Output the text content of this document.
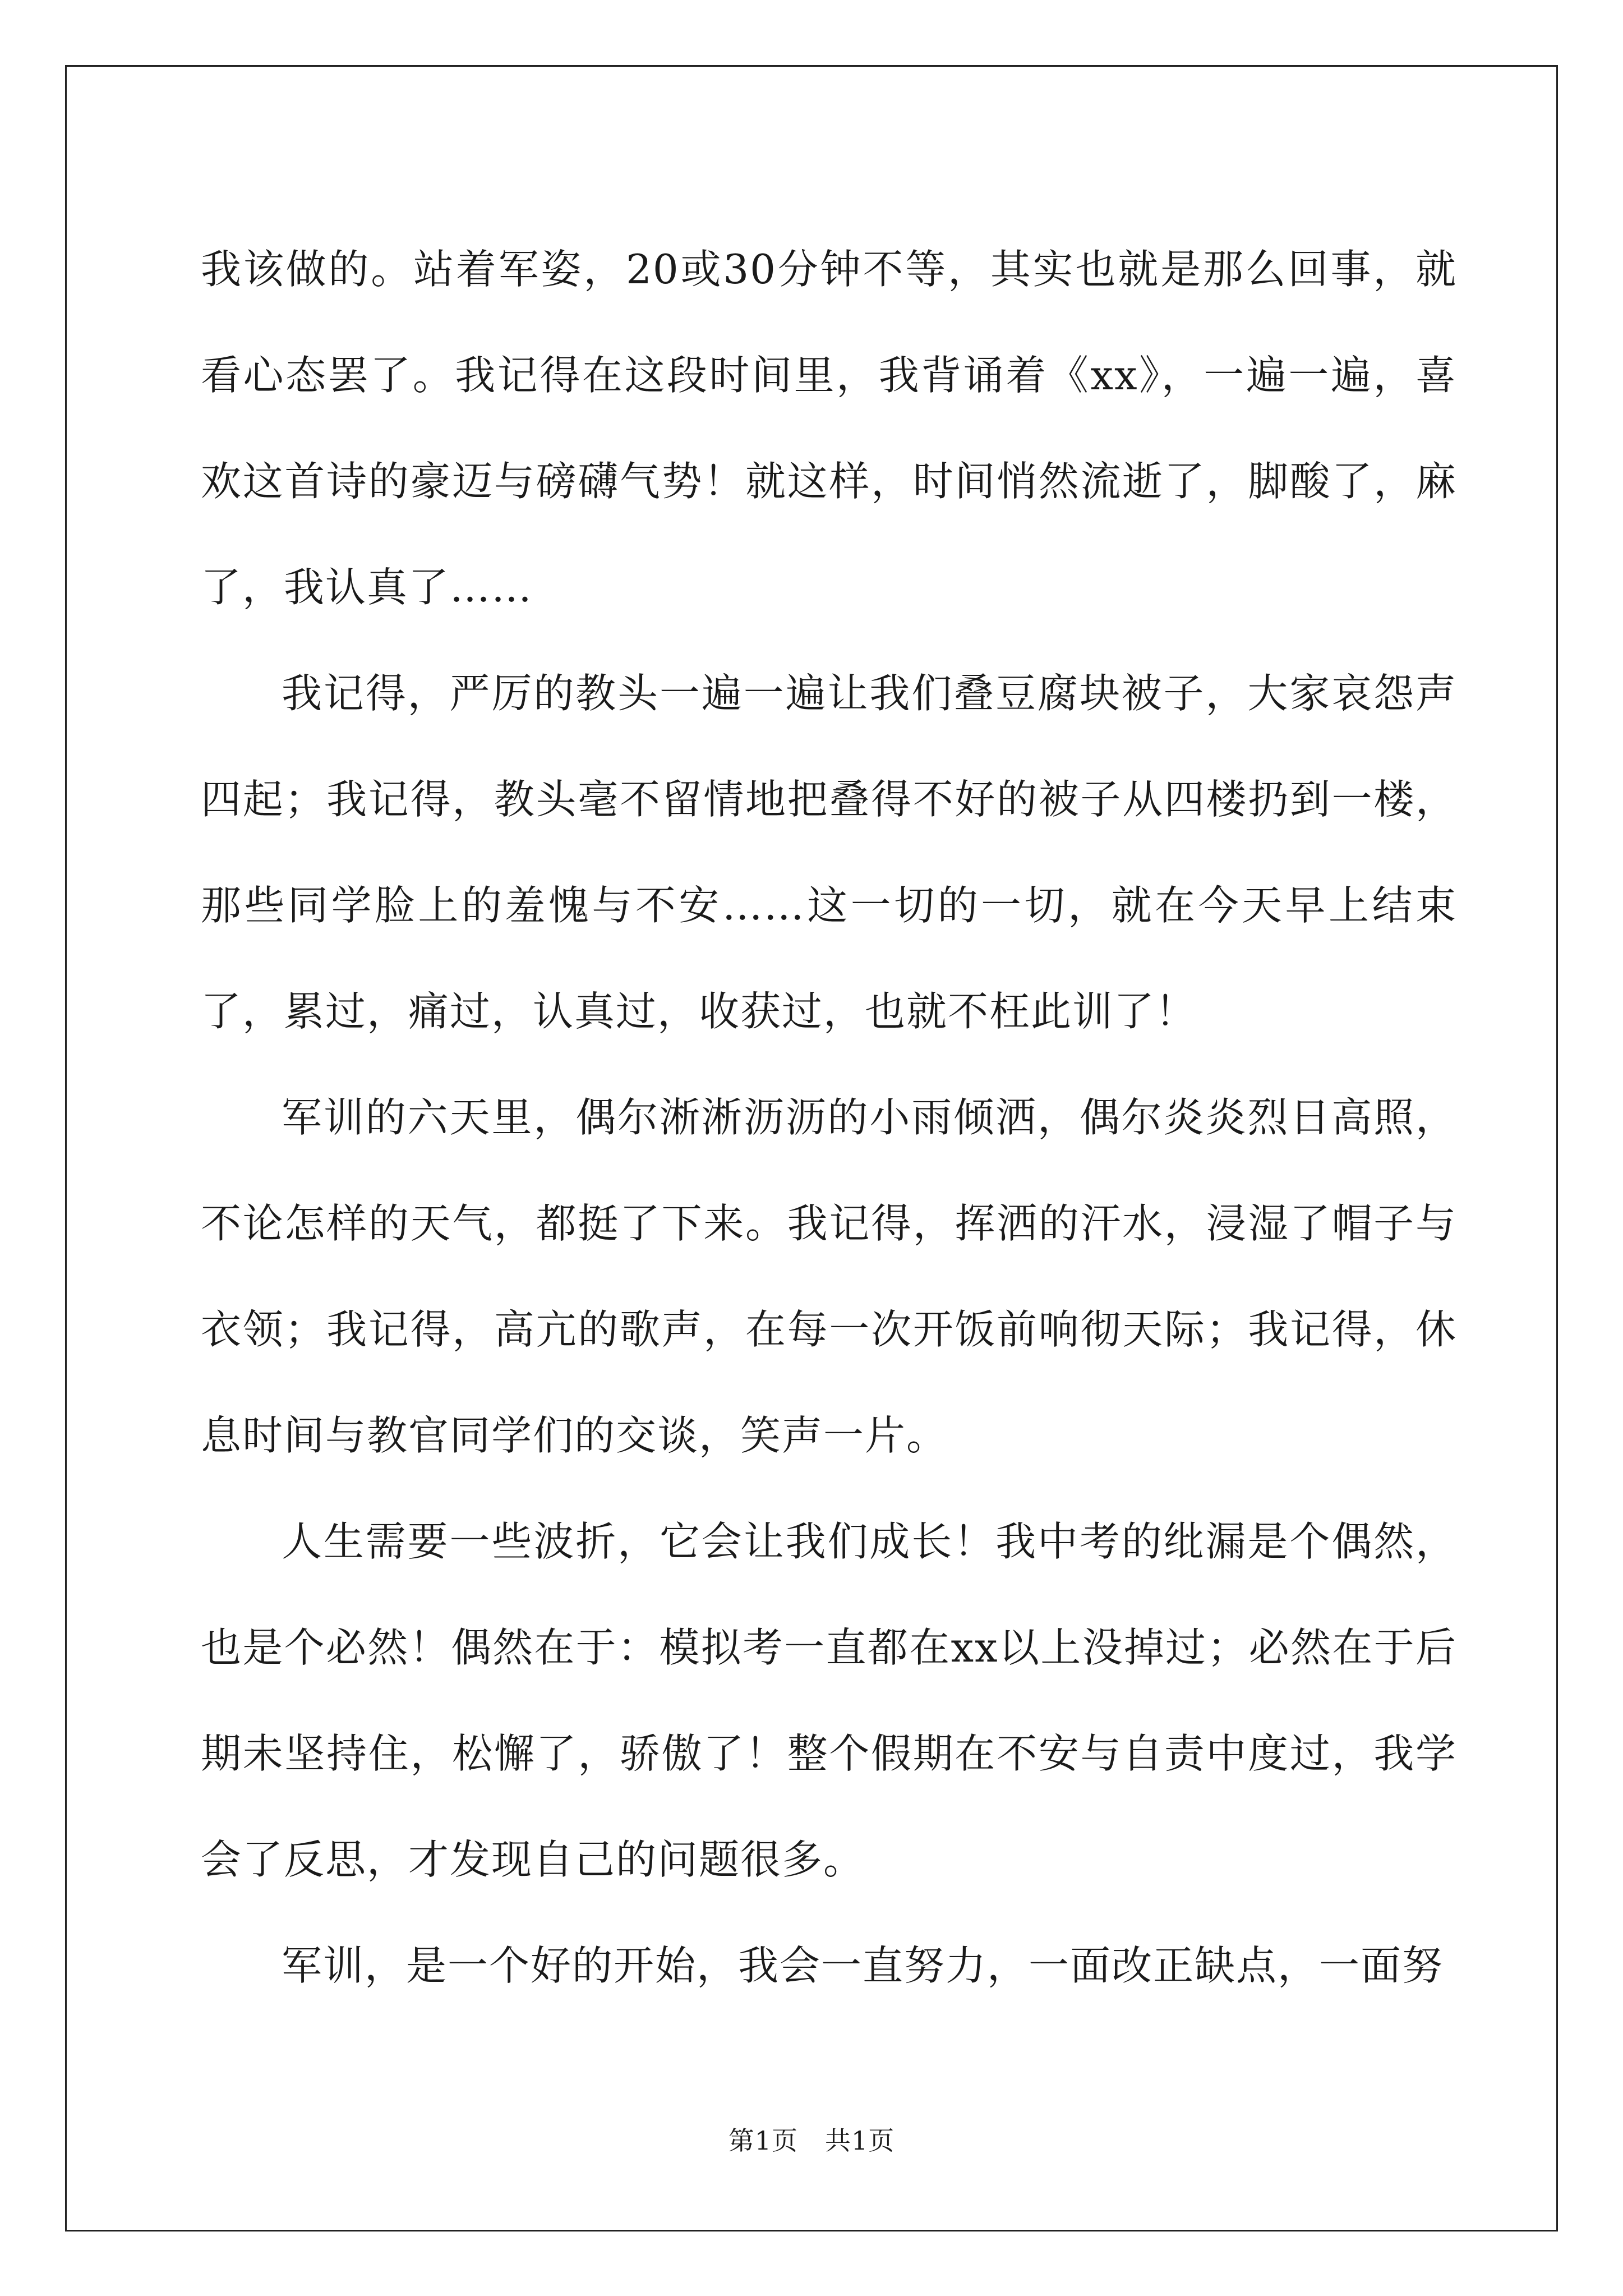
我该做的。站着军姿，20或30分钟不等，其实也就是那么回事，就看心态罢了。我记得在这段时间里，我背诵着《xx》，一遍一遍，喜欢这首诗的豪迈与磅礴气势！就这样，时间悄然流逝了，脚酸了，麻了，我认真了……

我记得，严厉的教头一遍一遍让我们叠豆腐块被子，大家哀怨声四起；我记得，教头毫不留情地把叠得不好的被子从四楼扔到一楼，那些同学脸上的羞愧与不安……这一切的一切，就在今天早上结束了，累过，痛过，认真过，收获过，也就不枉此训了！

军训的六天里，偶尔淅淅沥沥的小雨倾洒，偶尔炎炎烈日高照，不论怎样的天气，都挺了下来。我记得，挥洒的汗水，浸湿了帽子与衣领；我记得，高亢的歌声，在每一次开饭前响彻天际；我记得，休息时间与教官同学们的交谈，笑声一片。

人生需要一些波折，它会让我们成长！我中考的纰漏是个偶然，也是个必然！偶然在于：模拟考一直都在xx以上没掉过；必然在于后期未坚持住，松懈了，骄傲了！整个假期在不安与自责中度过，我学会了反思，才发现自己的问题很多。

军训，是一个好的开始，我会一直努力，一面改正缺点，一面努

第1页 共1页
